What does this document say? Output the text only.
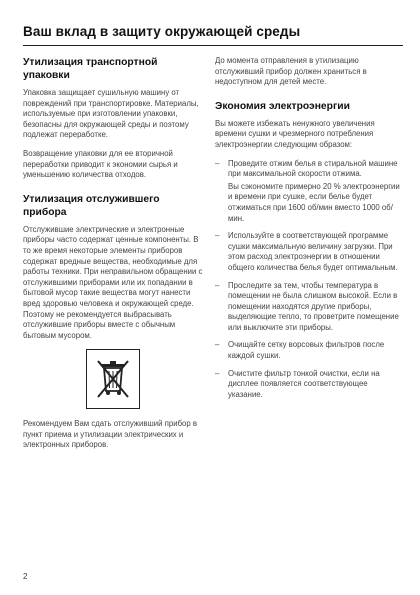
Ваш вклад в защиту окружающей среды
Утилизация транспортной упаковки

Упаковка защищает сушильную машину от повреждений при транспортировке. Материалы, используемые при изготовлении упаковки, безопасны для окружающей среды и поэтому подлежат переработке.

Возвращение упаковки для ее вторичной переработки приводит к экономии сырья и уменьшению количества отходов.

Утилизация отслужившего прибора

Отслужившие электрические и электронные приборы часто содержат ценные компоненты. В то же время некоторые элементы приборов содержат вредные вещества, необходимые для работы техники. При неправильном обращении с отслужившими приборами или их попадании в бытовой мусор такие вещества могут нанести вред здоровью человека и окружающей среде. Поэтому не рекомендуется выбрасывать отслужившие приборы вместе с обычным бытовым мусором.

Рекомендуем Вам сдать отслуживший прибор в пункт приема и утилизации электрических и электронных приборов.

До момента отправления в утилизацию отслуживший прибор должен храниться в недоступном для детей месте.

Экономия электроэнергии

Вы можете избежать ненужного увеличения времени сушки и чрезмерного потребления электроэнергии следующим образом:

– Проведите отжим белья в стиральной машине при максимальной скорости отжима.
Вы сэкономите примерно 20 % электроэнергии и времени при сушке, если белье будет отжиматься при 1600 об/мин вместо 1000 об/мин.
– Используйте в соответствующей программе сушки максимальную величину загрузки. При этом расход электроэнергии в отношении общего количества белья будет оптимальным.
– Проследите за тем, чтобы температура в помещении не была слишком высокой. Если в помещении находятся другие приборы, выделяющие тепло, то проветрите помещение или выключите эти приборы.
– Очищайте сетку ворсовых фильтров после каждой сушки.
– Очистите фильтр тонкой очистки, если на дисплее появляется соответствующее указание.
2
